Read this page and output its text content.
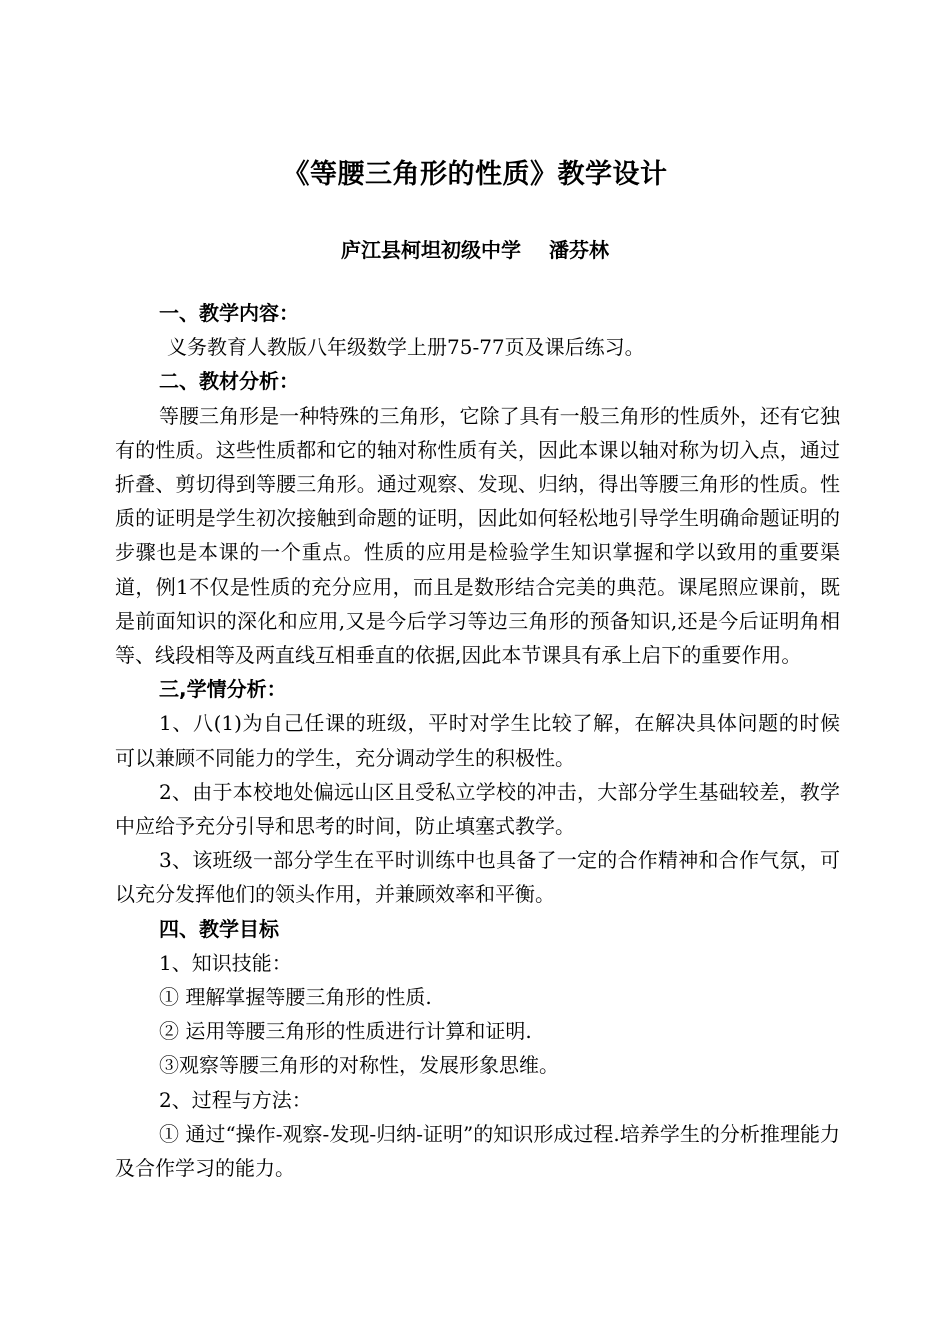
《等腰三角形的性质》教学设计
庐江县柯坦初级中学 潘芬林

一、教学内容：

义务教育人教版八年级数学上册75-77页及课后练习。

二、教材分析：

等腰三角形是一种特殊的三角形，它除了具有一般三角形的性质外，还有它独有的性质。这些性质都和它的轴对称性质有关，因此本课以轴对称为切入点，通过折叠、剪切得到等腰三角形。通过观察、发现、归纳，得出等腰三角形的性质。性质的证明是学生初次接触到命题的证明，因此如何轻松地引导学生明确命题证明的步骤也是本课的一个重点。性质的应用是检验学生知识掌握和学以致用的重要渠道，例1不仅是性质的充分应用，而且是数形结合完美的典范。课尾照应课前，既是前面知识的深化和应用,又是今后学习等边三角形的预备知识,还是今后证明角相等、线段相等及两直线互相垂直的依据,因此本节课具有承上启下的重要作用。

三,学情分析：

1、八(1)为自己任课的班级，平时对学生比较了解，在解决具体问题的时候可以兼顾不同能力的学生，充分调动学生的积极性。

2、由于本校地处偏远山区且受私立学校的冲击，大部分学生基础较差，教学中应给予充分引导和思考的时间，防止填塞式教学。

3、该班级一部分学生在平时训练中也具备了一定的合作精神和合作气氛，可以充分发挥他们的领头作用，并兼顾效率和平衡。

四、教学目标

1、知识技能：

① 理解掌握等腰三角形的性质.

② 运用等腰三角形的性质进行计算和证明.

③观察等腰三角形的对称性，发展形象思维。

2、过程与方法：

① 通过“操作-观察-发现-归纳-证明”的知识形成过程.培养学生的分析推理能力及合作学习的能力。
